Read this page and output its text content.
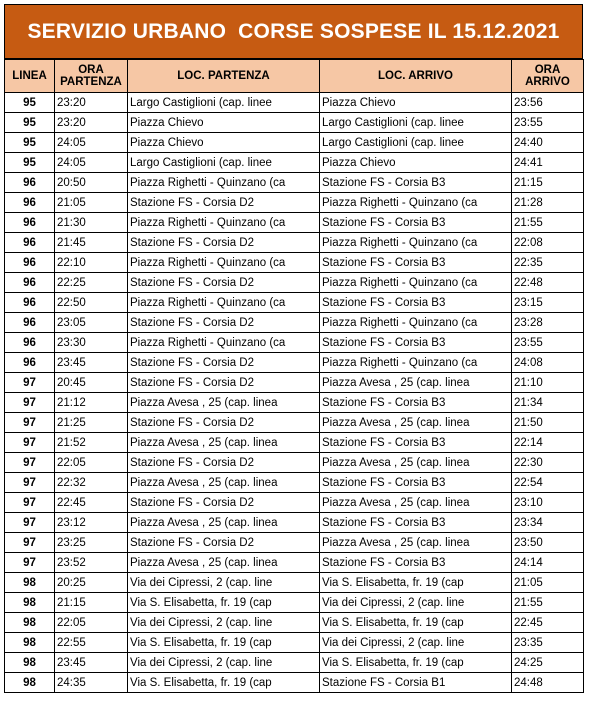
SERVIZIO URBANO  CORSE SOSPESE IL 15.12.2021
LINEA	ORA PARTENZA	LOC. PARTENZA	LOC. ARRIVO	ORA ARRIVO
95	23:20	Largo Castiglioni (cap. linee	Piazza Chievo	23:56
95	23:20	Piazza Chievo	Largo Castiglioni (cap. linee	23:55
95	24:05	Piazza Chievo	Largo Castiglioni (cap. linee	24:40
95	24:05	Largo Castiglioni (cap. linee	Piazza Chievo	24:41
96	20:50	Piazza Righetti - Quinzano (ca	Stazione FS - Corsia B3	21:15
96	21:05	Stazione FS - Corsia D2	Piazza Righetti - Quinzano (ca	21:28
96	21:30	Piazza Righetti - Quinzano (ca	Stazione FS - Corsia B3	21:55
96	21:45	Stazione FS - Corsia D2	Piazza Righetti - Quinzano (ca	22:08
96	22:10	Piazza Righetti - Quinzano (ca	Stazione FS - Corsia B3	22:35
96	22:25	Stazione FS - Corsia D2	Piazza Righetti - Quinzano (ca	22:48
96	22:50	Piazza Righetti - Quinzano (ca	Stazione FS - Corsia B3	23:15
96	23:05	Stazione FS - Corsia D2	Piazza Righetti - Quinzano (ca	23:28
96	23:30	Piazza Righetti - Quinzano (ca	Stazione FS - Corsia B3	23:55
96	23:45	Stazione FS - Corsia D2	Piazza Righetti - Quinzano (ca	24:08
97	20:45	Stazione FS - Corsia D2	Piazza Avesa , 25 (cap. linea	21:10
97	21:12	Piazza Avesa , 25 (cap. linea	Stazione FS - Corsia B3	21:34
97	21:25	Stazione FS - Corsia D2	Piazza Avesa , 25 (cap. linea	21:50
97	21:52	Piazza Avesa , 25 (cap. linea	Stazione FS - Corsia B3	22:14
97	22:05	Stazione FS - Corsia D2	Piazza Avesa , 25 (cap. linea	22:30
97	22:32	Piazza Avesa , 25 (cap. linea	Stazione FS - Corsia B3	22:54
97	22:45	Stazione FS - Corsia D2	Piazza Avesa , 25 (cap. linea	23:10
97	23:12	Piazza Avesa , 25 (cap. linea	Stazione FS - Corsia B3	23:34
97	23:25	Stazione FS - Corsia D2	Piazza Avesa , 25 (cap. linea	23:50
97	23:52	Piazza Avesa , 25 (cap. linea	Stazione FS - Corsia B3	24:14
98	20:25	Via dei Cipressi, 2 (cap. line	Via S. Elisabetta, fr. 19 (cap	21:05
98	21:15	Via S. Elisabetta, fr. 19 (cap	Via dei Cipressi, 2 (cap. line	21:55
98	22:05	Via dei Cipressi, 2 (cap. line	Via S. Elisabetta, fr. 19 (cap	22:45
98	22:55	Via S. Elisabetta, fr. 19 (cap	Via dei Cipressi, 2 (cap. line	23:35
98	23:45	Via dei Cipressi, 2 (cap. line	Via S. Elisabetta, fr. 19 (cap	24:25
98	24:35	Via S. Elisabetta, fr. 19 (cap	Stazione FS - Corsia B1	24:48
